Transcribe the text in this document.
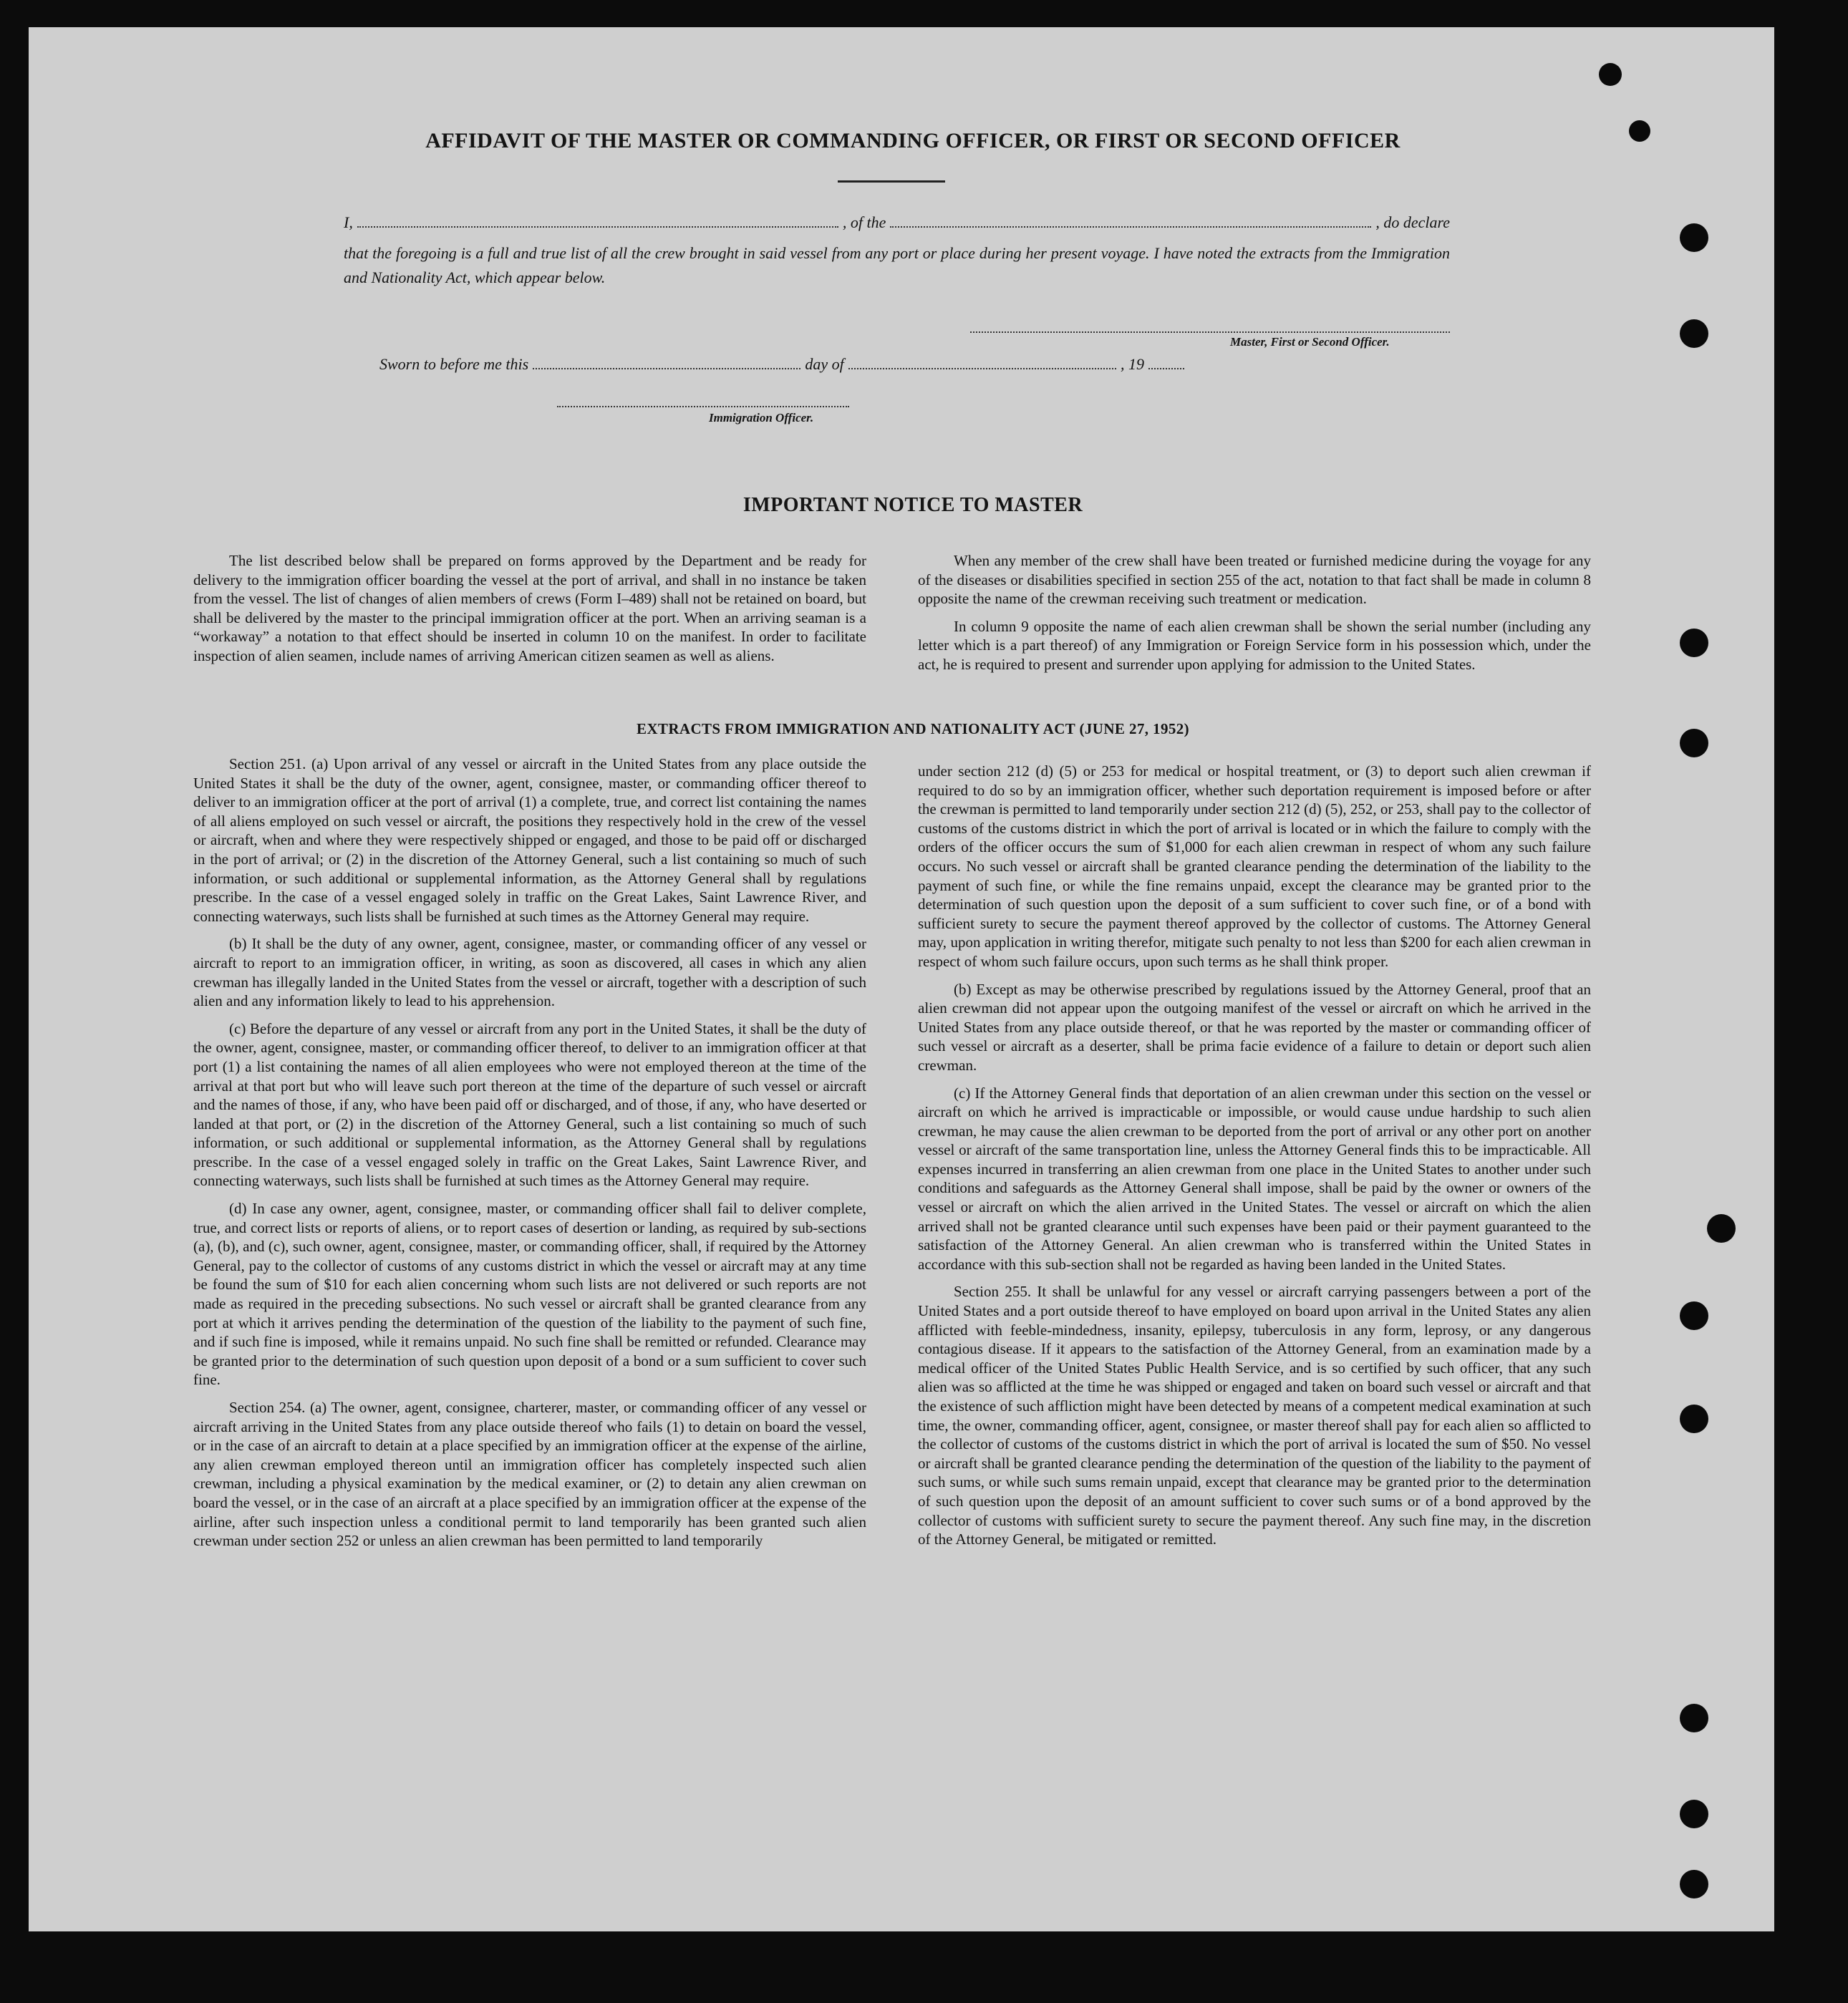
AFFIDAVIT OF THE MASTER OR COMMANDING OFFICER, OR FIRST OR SECOND OFFICER
I,	, of the	, do declare
that the foregoing is a full and true list of all the crew brought in said vessel from any port or place during her present voyage. I have noted the extracts from the Immigration and Nationality Act, which appear below.
Master, First or Second Officer.
Sworn to before me this	day of	, 19
Immigration Officer.
IMPORTANT NOTICE TO MASTER

The list described below shall be prepared on forms approved by the Department and be ready for delivery to the immigration officer boarding the vessel at the port of arrival, and shall in no instance be taken from the vessel. The list of changes of alien members of crews (Form I–489) shall not be retained on board, but shall be delivered by the master to the principal immigration officer at the port. When an arriving seaman is a “workaway” a notation to that effect should be inserted in column 10 on the manifest. In order to facilitate inspection of alien seamen, include names of arriving American citizen seamen as well as aliens.

When any member of the crew shall have been treated or furnished medicine during the voyage for any of the diseases or disabilities specified in section 255 of the act, notation to that fact shall be made in column 8 opposite the name of the crewman receiving such treatment or medication.

In column 9 opposite the name of each alien crewman shall be shown the serial number (including any letter which is a part thereof) of any Immigration or Foreign Service form in his possession which, under the act, he is required to present and surrender upon applying for admission to the United States.

EXTRACTS FROM IMMIGRATION AND NATIONALITY ACT (JUNE 27, 1952)

Section 251. (a) Upon arrival of any vessel or aircraft in the United States from any place outside the United States it shall be the duty of the owner, agent, consignee, master, or commanding officer thereof to deliver to an immigration officer at the port of arrival (1) a complete, true, and correct list containing the names of all aliens employed on such vessel or aircraft, the positions they respectively hold in the crew of the vessel or aircraft, when and where they were respectively shipped or engaged, and those to be paid off or discharged in the port of arrival; or (2) in the discretion of the Attorney General, such a list containing so much of such information, or such additional or supplemental information, as the Attorney General shall by regulations prescribe. In the case of a vessel engaged solely in traffic on the Great Lakes, Saint Lawrence River, and connecting waterways, such lists shall be furnished at such times as the Attorney General may require.

(b) It shall be the duty of any owner, agent, consignee, master, or commanding officer of any vessel or aircraft to report to an immigration officer, in writing, as soon as discovered, all cases in which any alien crewman has illegally landed in the United States from the vessel or aircraft, together with a description of such alien and any information likely to lead to his apprehension.

(c) Before the departure of any vessel or aircraft from any port in the United States, it shall be the duty of the owner, agent, consignee, master, or commanding officer thereof, to deliver to an immigration officer at that port (1) a list containing the names of all alien employees who were not employed thereon at the time of the arrival at that port but who will leave such port thereon at the time of the departure of such vessel or aircraft and the names of those, if any, who have been paid off or discharged, and of those, if any, who have deserted or landed at that port, or (2) in the discretion of the Attorney General, such a list containing so much of such information, or such additional or supplemental information, as the Attorney General shall by regulations prescribe. In the case of a vessel engaged solely in traffic on the Great Lakes, Saint Lawrence River, and connecting waterways, such lists shall be furnished at such times as the Attorney General may require.

(d) In case any owner, agent, consignee, master, or commanding officer shall fail to deliver complete, true, and correct lists or reports of aliens, or to report cases of desertion or landing, as required by sub-sections (a), (b), and (c), such owner, agent, consignee, master, or commanding officer, shall, if required by the Attorney General, pay to the collector of customs of any customs district in which the vessel or aircraft may at any time be found the sum of $10 for each alien concerning whom such lists are not delivered or such reports are not made as required in the preceding subsections. No such vessel or aircraft shall be granted clearance from any port at which it arrives pending the determination of the question of the liability to the payment of such fine, and if such fine is imposed, while it remains unpaid. No such fine shall be remitted or refunded. Clearance may be granted prior to the determination of such question upon deposit of a bond or a sum sufficient to cover such fine.

Section 254. (a) The owner, agent, consignee, charterer, master, or commanding officer of any vessel or aircraft arriving in the United States from any place outside thereof who fails (1) to detain on board the vessel, or in the case of an aircraft to detain at a place specified by an immigration officer at the expense of the airline, any alien crewman employed thereon until an immigration officer has completely inspected such alien crewman, including a physical examination by the medical examiner, or (2) to detain any alien crewman on board the vessel, or in the case of an aircraft at a place specified by an immigration officer at the expense of the airline, after such inspection unless a conditional permit to land temporarily has been granted such alien crewman under section 252 or unless an alien crewman has been permitted to land temporarily

under section 212 (d) (5) or 253 for medical or hospital treatment, or (3) to deport such alien crewman if required to do so by an immigration officer, whether such deportation requirement is imposed before or after the crewman is permitted to land temporarily under section 212 (d) (5), 252, or 253, shall pay to the collector of customs of the customs district in which the port of arrival is located or in which the failure to comply with the orders of the officer occurs the sum of $1,000 for each alien crewman in respect of whom any such failure occurs. No such vessel or aircraft shall be granted clearance pending the determination of the liability to the payment of such fine, or while the fine remains unpaid, except the clearance may be granted prior to the determination of such question upon the deposit of a sum sufficient to cover such fine, or of a bond with sufficient surety to secure the payment thereof approved by the collector of customs. The Attorney General may, upon application in writing therefor, mitigate such penalty to not less than $200 for each alien crewman in respect of whom such failure occurs, upon such terms as he shall think proper.

(b) Except as may be otherwise prescribed by regulations issued by the Attorney General, proof that an alien crewman did not appear upon the outgoing manifest of the vessel or aircraft on which he arrived in the United States from any place outside thereof, or that he was reported by the master or commanding officer of such vessel or aircraft as a deserter, shall be prima facie evidence of a failure to detain or deport such alien crewman.

(c) If the Attorney General finds that deportation of an alien crewman under this section on the vessel or aircraft on which he arrived is impracticable or impossible, or would cause undue hardship to such alien crewman, he may cause the alien crewman to be deported from the port of arrival or any other port on another vessel or aircraft of the same transportation line, unless the Attorney General finds this to be impracticable. All expenses incurred in transferring an alien crewman from one place in the United States to another under such conditions and safeguards as the Attorney General shall impose, shall be paid by the owner or owners of the vessel or aircraft on which the alien arrived in the United States. The vessel or aircraft on which the alien arrived shall not be granted clearance until such expenses have been paid or their payment guaranteed to the satisfaction of the Attorney General. An alien crewman who is transferred within the United States in accordance with this sub-section shall not be regarded as having been landed in the United States.

Section 255. It shall be unlawful for any vessel or aircraft carrying passengers between a port of the United States and a port outside thereof to have employed on board upon arrival in the United States any alien afflicted with feeble-mindedness, insanity, epilepsy, tuberculosis in any form, leprosy, or any dangerous contagious disease. If it appears to the satisfaction of the Attorney General, from an examination made by a medical officer of the United States Public Health Service, and is so certified by such officer, that any such alien was so afflicted at the time he was shipped or engaged and taken on board such vessel or aircraft and that the existence of such affliction might have been detected by means of a competent medical examination at such time, the owner, commanding officer, agent, consignee, or master thereof shall pay for each alien so afflicted to the collector of customs of the customs district in which the port of arrival is located the sum of $50. No vessel or aircraft shall be granted clearance pending the determination of the question of the liability to the payment of such sums, or while such sums remain unpaid, except that clearance may be granted prior to the determination of such question upon the deposit of an amount sufficient to cover such sums or of a bond approved by the collector of customs with sufficient surety to secure the payment thereof. Any such fine may, in the discretion of the Attorney General, be mitigated or remitted.
